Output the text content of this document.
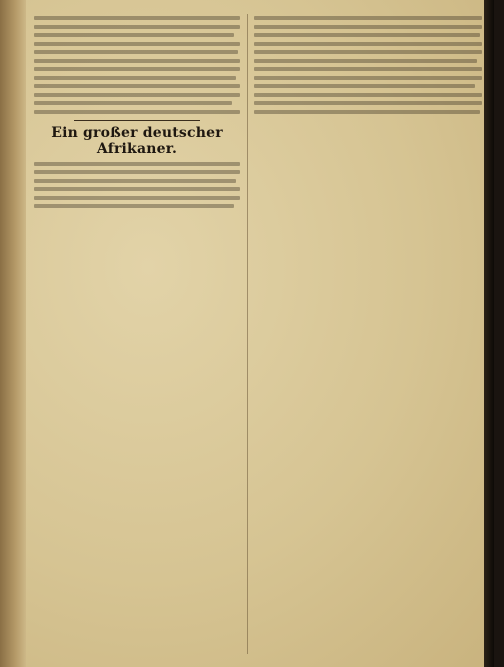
Ein großer deutscher Afrikaner.
